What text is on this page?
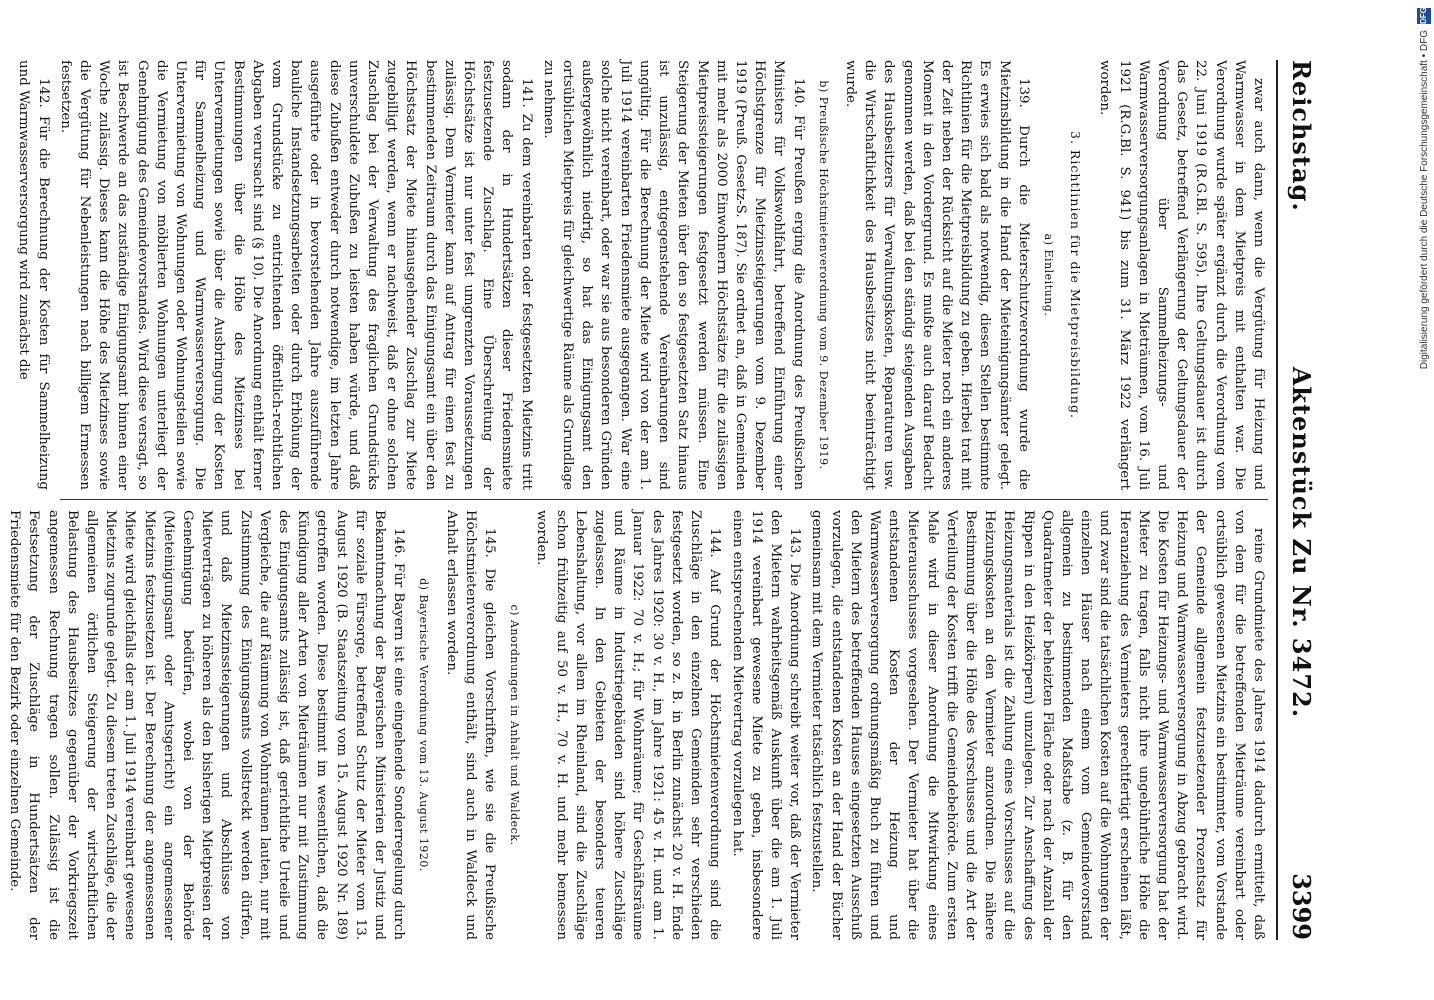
Reichstag.
Aktenstück Zu Nr. 3472.
3399

zwar auch dann, wenn die Vergütung für Heizung und Warmwasser in dem Mietpreis mit enthalten war. Die Verordnung wurde später ergänzt durch die Verordnung vom 22. Juni 1919 (R.G.Bl. S. 595). Ihre Geltungsdauer ist durch das Gesetz, betreffend Verlängerung der Geltungsdauer der Verordnung über Sammelheizungs- und Warmwasserversorgungsanlagen in Mieträumen, vom 16. Juli 1921 (R.G.Bl. S. 941) bis zum 31. März 1922 verlängert worden.

3. Richtlinien für die Mietpreisbildung.
a) Einleitung.

139. Durch die Mieterschutzverordnung wurde die Mietzinsbildung in die Hand der Mieteinigungsämter gelegt. Es erwies sich bald als notwendig, diesen Stellen bestimmte Richtlinien für die Mietpreisbildung zu geben. Hierbei trat mit der Zeit neben der Rücksicht auf die Mieter noch ein anderes Moment in den Vordergrund. Es mußte auch darauf Bedacht genommen werden, daß bei den ständig steigenden Ausgaben des Hausbesitzers für Verwaltungskosten, Reparaturen usw. die Wirtschaftlichkeit des Hausbesitzes nicht beeinträchtigt wurde.

b) Preußische Höchstmietenverordnung vom 9. Dezember 1919.

140. Für Preußen erging die Anordnung des Preußischen Ministers für Volkswohlfahrt, betreffend Einführung einer Höchstgrenze für Mietzinssteigerungen vom 9. Dezember 1919 (Preuß. Gesetz-S. 187). Sie ordnet an, daß in Gemeinden mit mehr als 2000 Einwohnern Höchstsätze für die zulässigen Mietpreissteigerungen festgesetzt werden müssen. Eine Steigerung der Mieten über den so festgesetzten Satz hinaus ist unzulässig, entgegenstehende Vereinbarungen sind ungültig. Für die Berechnung der Miete wird von der am 1. Juli 1914 vereinbarten Friedensmiete ausgegangen. War eine solche nicht vereinbart, oder war sie aus besonderen Gründen außergewöhnlich niedrig, so hat das Einigungsamt den ortsüblichen Mietpreis für gleichwertige Räume als Grundlage zu nehmen.

141. Zu dem vereinbarten oder festgesetzten Mietzins tritt sodann der in Hundertsätzen dieser Friedensmiete festzusetzende Zuschlag. Eine Überschreitung der Höchstsätze ist nur unter fest umgrenzten Voraussetzungen zulässig. Dem Vermieter kann auf Antrag für einen fest zu bestimmenden Zeitraum durch das Einigungsamt ein über den Höchstsatz der Miete hinausgehender Zuschlag zur Miete zugebilligt werden, wenn er nachweist, daß er ohne solchen Zuschlag bei der Verwaltung des fraglichen Grundstücks unverschuldete Zubußen zu leisten haben würde, und daß diese Zubußen entweder durch notwendige, im letzten Jahre ausgeführte oder in bevorstehenden Jahre auszuführende bauliche Instandsetzungsarbeiten oder durch Erhöhung der vom Grundstücke zu entrichtenden öffentlich-rechtlichen Abgaben verursacht sind (§ 10). Die Anordnung enthält ferner Bestimmungen über die Höhe des Mietzinses bei Untervermietungen sowie über die Ausbringung der Kosten für Sammelheizung und Warmwasserversorgung. Die Untervermietung von Wohnungen oder Wohnungsteilen sowie die Vermietung von möblierten Wohnungen unterliegt der Genehmigung des Gemeindevorstandes. Wird diese versagt, so ist Beschwerde an das zuständige Einigungsamt binnen einer Woche zulässig. Dieses kann die Höhe des Mietzinses sowie die Vergütung für Nebenleistungen nach billigem Ermessen festsetzen.

142. Für die Berechnung der Kosten für Sammelheizung und Warmwasserversorgung wird zunächst die

reine Grundmiete des Jahres 1914 dadurch ermittelt, daß von dem für die betreffenden Mieträume vereinbart oder ortsüblich gewesenen Mietzins ein bestimmter, vom Vorstande der Gemeinde allgemein festzusetzender Prozentsatz für Heizung und Warmwasserversorgung in Abzug gebracht wird. Die Kosten für Heizungs- und Warmwasserversorgung hat der Mieter zu tragen, falls nicht ihre ungebührliche Höhe die Heranziehung des Vermieters gerechtfertigt erscheinen läßt, und zwar sind die tatsächlichen Kosten auf die Wohnungen der einzelnen Häuser nach einem vom Gemeindevorstand allgemein zu bestimmenden Maßstabe (z. B. für den Quadratmeter der beheizten Fläche oder nach der Anzahl der Rippen in den Heizkörpern) umzulegen. Zur Anschaffung des Heizungsmaterials ist die Zahlung eines Vorschusses auf die Heizungskosten an den Vermieter anzuordnen. Die nähere Bestimmung über die Höhe des Vorschusses und die Art der Verteilung der Kosten trifft die Gemeindebehörde. Zum ersten Male wird in dieser Anordnung die Mitwirkung eines Mieterausschusses vorgesehen. Der Vermieter hat über die entstandenen Kosten der Heizung und Warmwasserversorgung ordnungsmäßig Buch zu führen und den Mietern des betreffenden Hauses eingesetzten Ausschuß vorzulegen, die entstandenen Kosten an der Hand der Bücher gemeinsam mit dem Vermieter tatsächlich festzustellen.

143. Die Anordnung schreibt weiter vor, daß der Vermieter den Mietern wahrheitsgemäß Auskunft über die am 1. Juli 1914 vereinbart gewesene Miete zu geben, insbesondere einen entsprechenden Mietvertrag vorzulegen hat.

144. Auf Grund der Höchstmietenverordnung sind die Zuschläge in den einzelnen Gemeinden sehr verschieden festgesetzt worden, so z. B. in Berlin zunächst 20 v. H. Ende des Jahres 1920: 30 v. H., im Jahre 1921: 45 v. H. und am 1. Januar 1922: 70 v. H.; für Wohnräume; für Geschäftsräume und Räume in Industriegebäuden sind höhere Zuschläge zugelassen. In den Gebieten der besonders teueren Lebenshaltung, vor allem im Rheinland, sind die Zuschläge schon frühzeitig auf 50 v. H., 70 v. H. und mehr bemessen worden.

c) Anordnungen in Anhalt und Waldeck.

145. Die gleichen Vorschriften, wie sie die Preußische Höchstmietenverordnung enthält, sind auch in Waldeck und Anhalt erlassen worden.

d) Bayerische Verordnung vom 13. August 1920.

146. Für Bayern ist eine eingehende Sonderregelung durch Bekanntmachung der Bayerischen Ministerien der Justiz und für soziale Fürsorge, betreffend Schutz der Mieter vom 13. August 1920 (B. Staatszeitung vom 15. August 1920 Nr. 189) getroffen worden. Diese bestimmt im wesentlichen, daß die Kündigung aller Arten von Mieträumen nur mit Zustimmung des Einigungsamts zulässig ist, daß gerichtliche Urteile und Vergleiche, die auf Räumung von Wohnräumen lauten, nur mit Zustimmung des Einigungsamts vollstreckt werden dürfen, und daß Mietzinssteigerungen und Abschlüsse von Mietverträgen zu höheren als den bisherigen Mietpreisen der Genehmigung bedürfen, wobei von der Behörde (Mieteinigungsamt oder Amtsgericht) ein angemessener Mietzins festzusetzen ist. Der Berechnung der angemessenen Miete wird gleichfalls der am 1. Juli 1914 vereinbart gewesene Mietzins zugrunde gelegt. Zu diesem treten Zuschläge, die der allgemeinen örtlichen Steigerung der wirtschaftlichen Belastung des Hausbesitzes gegenüber der Vorkriegszeit angemessen Rechnung tragen sollen. Zulässig ist die Festsetzung der Zuschläge in Hundertsätzen der Friedensmiete für den Bezirk oder einzelnen Gemeinde.

DFG
Digitalisierung gefördert durch die Deutsche Forschungsgemeinschaft • DFG
